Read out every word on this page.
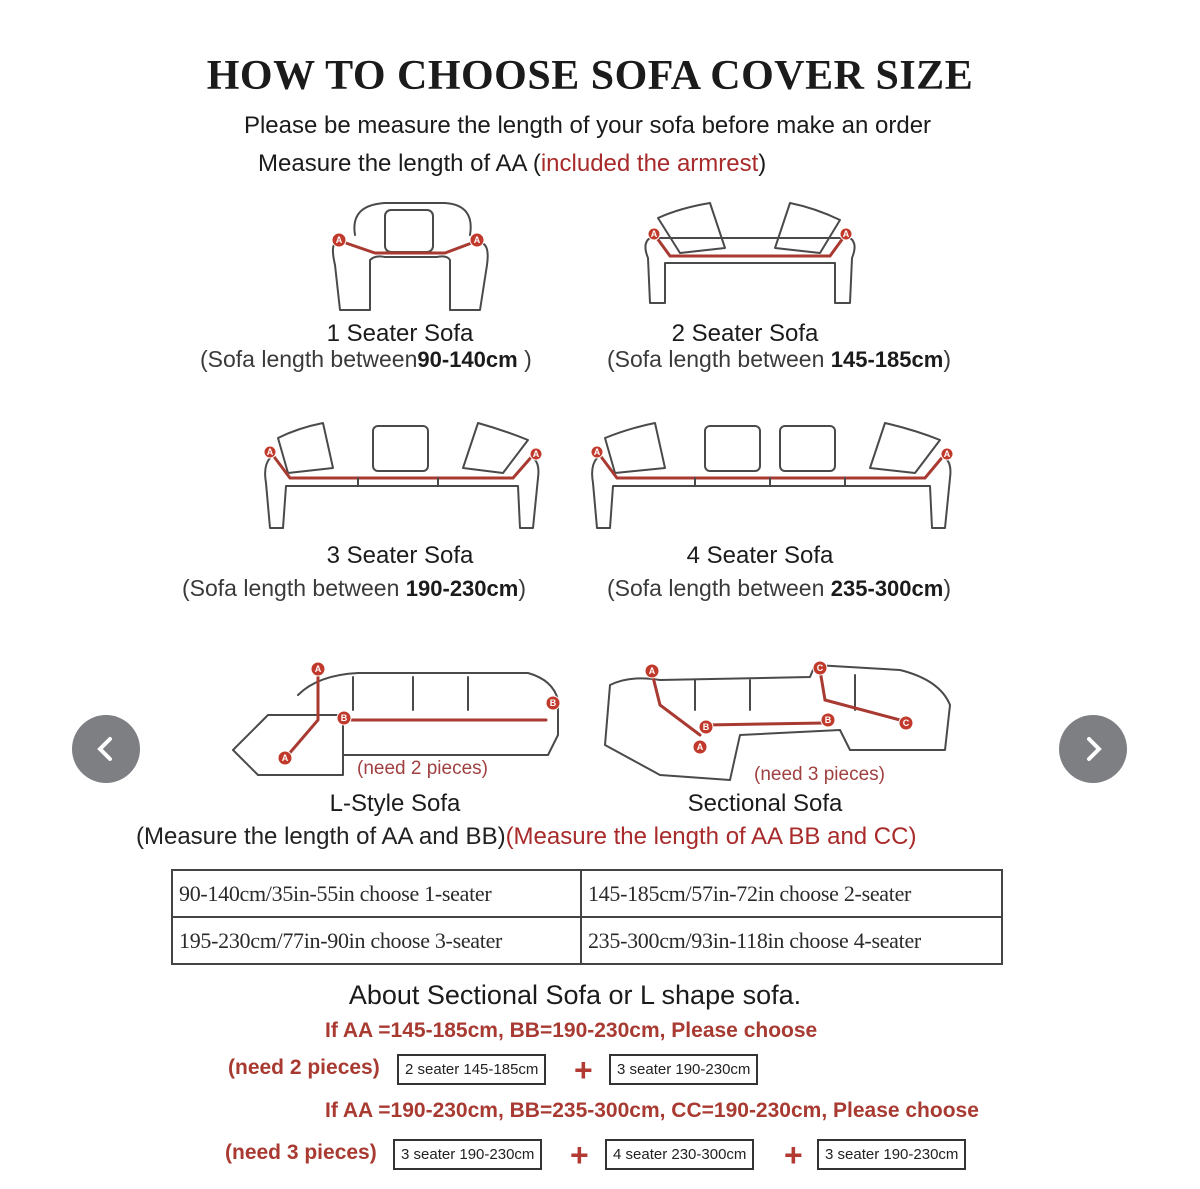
HOW TO CHOOSE SOFA COVER SIZE
Please be measure the length of your sofa before make an order
Measure the length of AA (included the armrest)
A	A
A	A
1 Seater Sofa	2 Seater Sofa
(Sofa length between90-140cm )	(Sofa length between 145-185cm)
A	A	A	A
3 Seater Sofa	4 Seater Sofa
(Sofa length between 190-230cm)	(Sofa length between 235-300cm)
A
A
B
B
A
A
B
B
C
C
(need 2 pieces)	(need 3 pieces)
L-Style Sofa	Sectional Sofa
(Measure the length of AA and BB)(Measure the length of AA BB and CC)
90-140cm/35in-55in choose 1-seater	145-185cm/57in-72in choose 2-seater
195-230cm/77in-90in choose 3-seater	235-300cm/93in-118in choose 4-seater
About Sectional Sofa or L shape sofa.
If AA =145-185cm, BB=190-230cm, Please choose
(need 2 pieces)	2 seater 145-185cm +	3 seater 190-230cm
If AA =190-230cm, BB=235-300cm, CC=190-230cm, Please choose
(need 3 pieces)	3 seater 190-230cm +	4 seater 230-300cm +	3 seater 190-230cm
